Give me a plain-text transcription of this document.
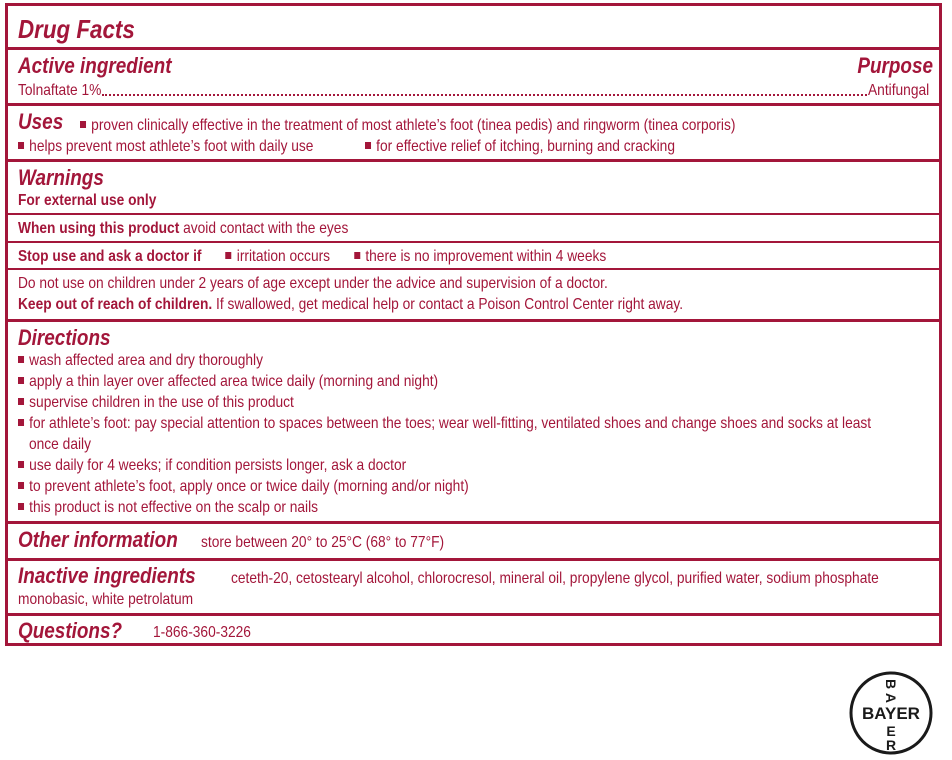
Drug Facts
Active ingredient	Purpose
Tolnaftate 1%	Antifungal
Uses	proven clinically effective in the treatment of most athlete’s foot (tinea pedis) and ringworm (tinea corporis)
helps prevent most athlete’s foot with daily use	for effective relief of itching, burning and cracking
Warnings
For external use only
When using this product avoid contact with the eyes
Stop use and ask a doctor if irritation occurs there is no improvement within 4 weeks
Do not use on children under 2 years of age except under the advice and supervision of a doctor.
Keep out of reach of children. If swallowed, get medical help or contact a Poison Control Center right away.
Directions
wash affected area and dry thoroughly
apply a thin layer over affected area twice daily (morning and night)
supervise children in the use of this product
for athlete’s foot: pay special attention to spaces between the toes; wear well-fitting, ventilated shoes and change shoes and socks at least
once daily
use daily for 4 weeks; if condition persists longer, ask a doctor
to prevent athlete’s foot, apply once or twice daily (morning and/or night)
this product is not effective on the scalp or nails
Other information store between 20° to 25°C (68° to 77°F)
Inactive ingredients ceteth-20, cetostearyl alcohol, chlorocresol, mineral oil, propylene glycol, purified water, sodium phosphate
monobasic, white petrolatum
Questions? 1-866-360-3226
BAYER
B A
E R
